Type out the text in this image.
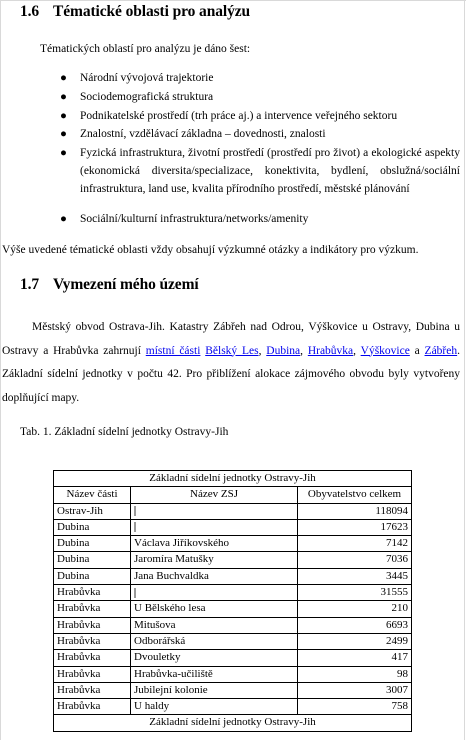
1.6 Tématické oblasti pro analýzu

Tématických oblastí pro analýzu je dáno šest:

● Národní vývojová trajektorie
● Sociodemografická struktura
● Podnikatelské prostředí (trh práce aj.) a intervence veřejného sektoru
● Znalostní, vzdělávací základna – dovednosti, znalosti
● Fyzická infrastruktura, životní prostředí (prostředí pro život) a ekologické aspekty (ekonomická diversita/specializace, konektivita, bydlení, obslužná/sociální infrastruktura, land use, kvalita přírodního prostředí, městské plánování
● Sociální/kulturní infrastruktura/networks/amenity

Výše uvedené tématické oblasti vždy obsahují výzkumné otázky a indikátory pro výzkum.

1.7 Vymezení mého území

Městský obvod Ostrava-Jih. Katastry Zábřeh nad Odrou, Výškovice u Ostravy, Dubina u Ostravy a Hrabůvka zahrnují místní části Bělský Les, Dubina, Hrabůvka, Výškovice a Zábřeh. Základní sídelní jednotky v počtu 42. Pro přiblížení alokace zájmového obvodu byly vytvořeny doplňující mapy.

Tab. 1. Základní sídelní jednotky Ostravy-Jih
Základní sídelní jednotky Ostravy-Jih		
Název části	Název ZSJ	Obyvatelstvo celkem
Ostrav-Jih		118094
Dubina		17623
Dubina	Václava Jiříkovského	7142
Dubina	Jaromíra Matušky	7036
Dubina	Jana Buchvaldka	3445
Hrabůvka		31555
Hrabůvka	U Bělského lesa	210
Hrabůvka	Mitušova	6693
Hrabůvka	Odborářská	2499
Hrabůvka	Dvouletky	417
Hrabůvka	Hrabůvka-učiliště	98
Hrabůvka	Jubilejní kolonie	3007
Hrabůvka	U haldy	758
Základní sídelní jednotky Ostravy-Jih		
